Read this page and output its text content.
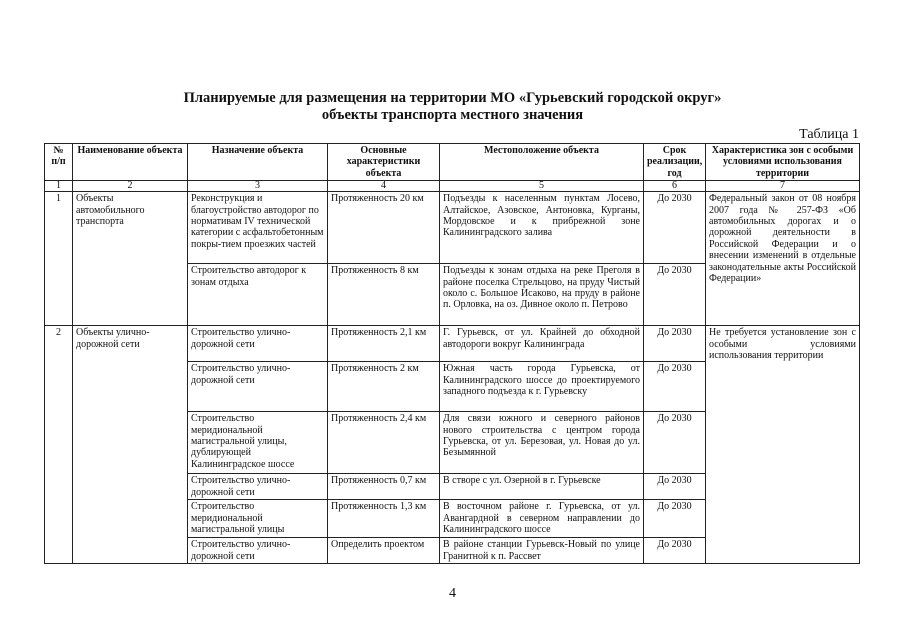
Планируемые для размещения на территории МО «Гурьевский городской округ»
объекты транспорта местного значения
Таблица 1
№ п/п	Наименование объекта	Назначение объекта	Основные характеристики объекта	Местоположение объекта	Срок реализации, год	Характеристика зон с особыми условиями использования территории
1	2	3	4	5	6	7
1	Объекты автомобильного транспорта	Реконструкция и благоустройство автодорог по нормативам IV технической категории с асфальтобетонным покры-тием проезжих частей	Протяженность 20 км	Подъезды к населенным пунктам Лосево, Алтайское, Азовское, Антоновка, Курганы, Мордовское и к прибрежной зоне Калининградского залива	До 2030	Федеральный закон от 08 ноября 2007 года № 257-ФЗ «Об автомобильных дорогах и о дорожной деятельности в Российской Федерации и о внесении изменений в отдельные законодательные акты Российской Федерации»
		Строительство автодорог к зонам отдыха	Протяженность 8 км	Подъезды к зонам отдыха на реке Преголя в районе поселка Стрельцово, на пруду Чистый около с. Большое Исаково, на пруду в районе п. Орловка, на оз. Дивное около п. Петрово	До 2030	
2	Объекты улично-дорожной сети	Строительство улично-дорожной сети	Протяженность 2,1 км	Г. Гурьевск, от ул. Крайней до обходной автодороги вокруг Калининграда	До 2030	Не требуется установление зон с особыми условиями использования территории
		Строительство улично-дорожной сети	Протяженность 2 км	Южная часть города Гурьевска, от Калининградского шоссе до проектируемого западного подъезда к г. Гурьевску	До 2030	
		Строительство меридиональной магистральной улицы, дублирующей Калининградское шоссе	Протяженность 2,4 км	Для связи южного и северного районов нового строительства с центром города Гурьевска, от ул. Березовая, ул. Новая до ул. Безымянной	До 2030	
		Строительство улично-дорожной сети	Протяженность 0,7 км	В створе с ул. Озерной в г. Гурьевске	До 2030	
		Строительство меридиональной магистральной улицы	Протяженность 1,3 км	В восточном районе г. Гурьевска, от ул. Авангардной в северном направлении до Калининградского шоссе	До 2030	
		Строительство улично-дорожной сети	Определить проектом	В районе станции Гурьевск-Новый по улице Гранитной к п. Рассвет	До 2030	
4
